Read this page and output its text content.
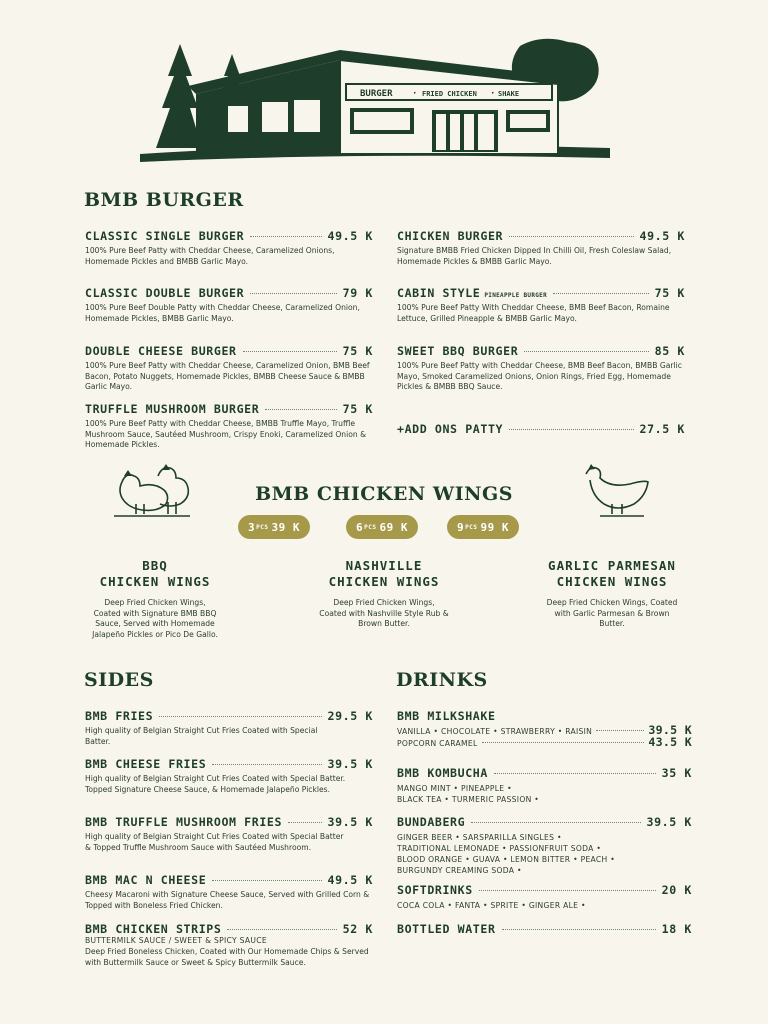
BURGER · FRIED CHICKEN · SHAKE
BMB BURGER
CLASSIC SINGLE BURGER	49.5 K
100% Pure Beef Patty with Cheddar Cheese, Caramelized Onions, Homemade Pickles and BMBB Garlic Mayo.
CHICKEN BURGER	49.5 K
Signature BMBB Fried Chicken Dipped In Chilli Oil, Fresh Coleslaw Salad, Homemade Pickles & BMBB Garlic Mayo.
CLASSIC DOUBLE BURGER	79 K
100% Pure Beef Double Patty with Cheddar Cheese, Caramelized Onion, Homemade Pickles, BMBB Garlic Mayo.
CABIN STYLE PINEAPPLE BURGER	75 K
100% Pure Beef Patty With Cheddar Cheese, BMB Beef Bacon, Romaine Lettuce, Grilled Pineapple & BMBB Garlic Mayo.
DOUBLE CHEESE BURGER	75 K
100% Pure Beef Patty with Cheddar Cheese, Caramelized Onion, BMB Beef Bacon, Potato Nuggets, Homemade Pickles, BMBB Cheese Sauce & BMBB Garlic Mayo.
SWEET BBQ BURGER	85 K
100% Pure Beef Patty with Cheddar Cheese, BMB Beef Bacon, BMBB Garlic Mayo, Smoked Caramelized Onions, Onion Rings, Fried Egg, Homemade Pickles & BMBB BBQ Sauce.
TRUFFLE MUSHROOM BURGER	75 K
100% Pure Beef Patty with Cheddar Cheese, BMBB Truffle Mayo, Truffle Mushroom Sauce, Sautéed Mushroom, Crispy Enoki, Caramelized Onion & Homemade Pickles.
+ADD ONS PATTY	27.5 K
BMB CHICKEN WINGS
3 PCS 39 K	6 PCS 69 K	9 PCS 99 K
BBQ
CHICKEN WINGS
Deep Fried Chicken Wings, Coated with Signature BMB BBQ Sauce, Served with Homemade Jalapeño Pickles or Pico De Gallo.
NASHVILLE
CHICKEN WINGS
Deep Fried Chicken Wings, Coated with Nashville Style Rub & Brown Butter.
GARLIC PARMESAN
CHICKEN WINGS
Deep Fried Chicken Wings, Coated with Garlic Parmesan & Brown Butter.
SIDES
BMB FRIES	29.5 K
High quality of Belgian Straight Cut Fries Coated with Special Batter.
BMB CHEESE FRIES	39.5 K
High quality of Belgian Straight Cut Fries Coated with Special Batter. Topped Signature Cheese Sauce, & Homemade Jalapeño Pickles.
BMB TRUFFLE MUSHROOM FRIES	39.5 K
High quality of Belgian Straight Cut Fries Coated with Special Batter & Topped Truffle Mushroom Sauce with Sautéed Mushroom.
BMB MAC N CHEESE	49.5 K
Cheesy Macaroni with Signature Cheese Sauce, Served with Grilled Corn & Topped with Boneless Fried Chicken.
BMB CHICKEN STRIPS	52 K
BUTTERMILK SAUCE / SWEET & SPICY SAUCE
Deep Fried Boneless Chicken, Coated with Our Homemade Chips & Served with Buttermilk Sauce or Sweet & Spicy Buttermilk Sauce.
DRINKS
BMB MILKSHAKE
VANILLA • CHOCOLATE • STRAWBERRY • RAISIN	39.5 K
POPCORN CARAMEL	43.5 K
BMB KOMBUCHA	35 K
MANGO MINT • PINEAPPLE •
BLACK TEA • TURMERIC PASSION •
BUNDABERG	39.5 K
GINGER BEER • SARSPARILLA SINGLES •
TRADITIONAL LEMONADE • PASSIONFRUIT SODA •
BLOOD ORANGE • GUAVA • LEMON BITTER • PEACH •
BURGUNDY CREAMING SODA •
SOFTDRINKS	20 K
COCA COLA • FANTA • SPRITE • GINGER ALE •
BOTTLED WATER	18 K
